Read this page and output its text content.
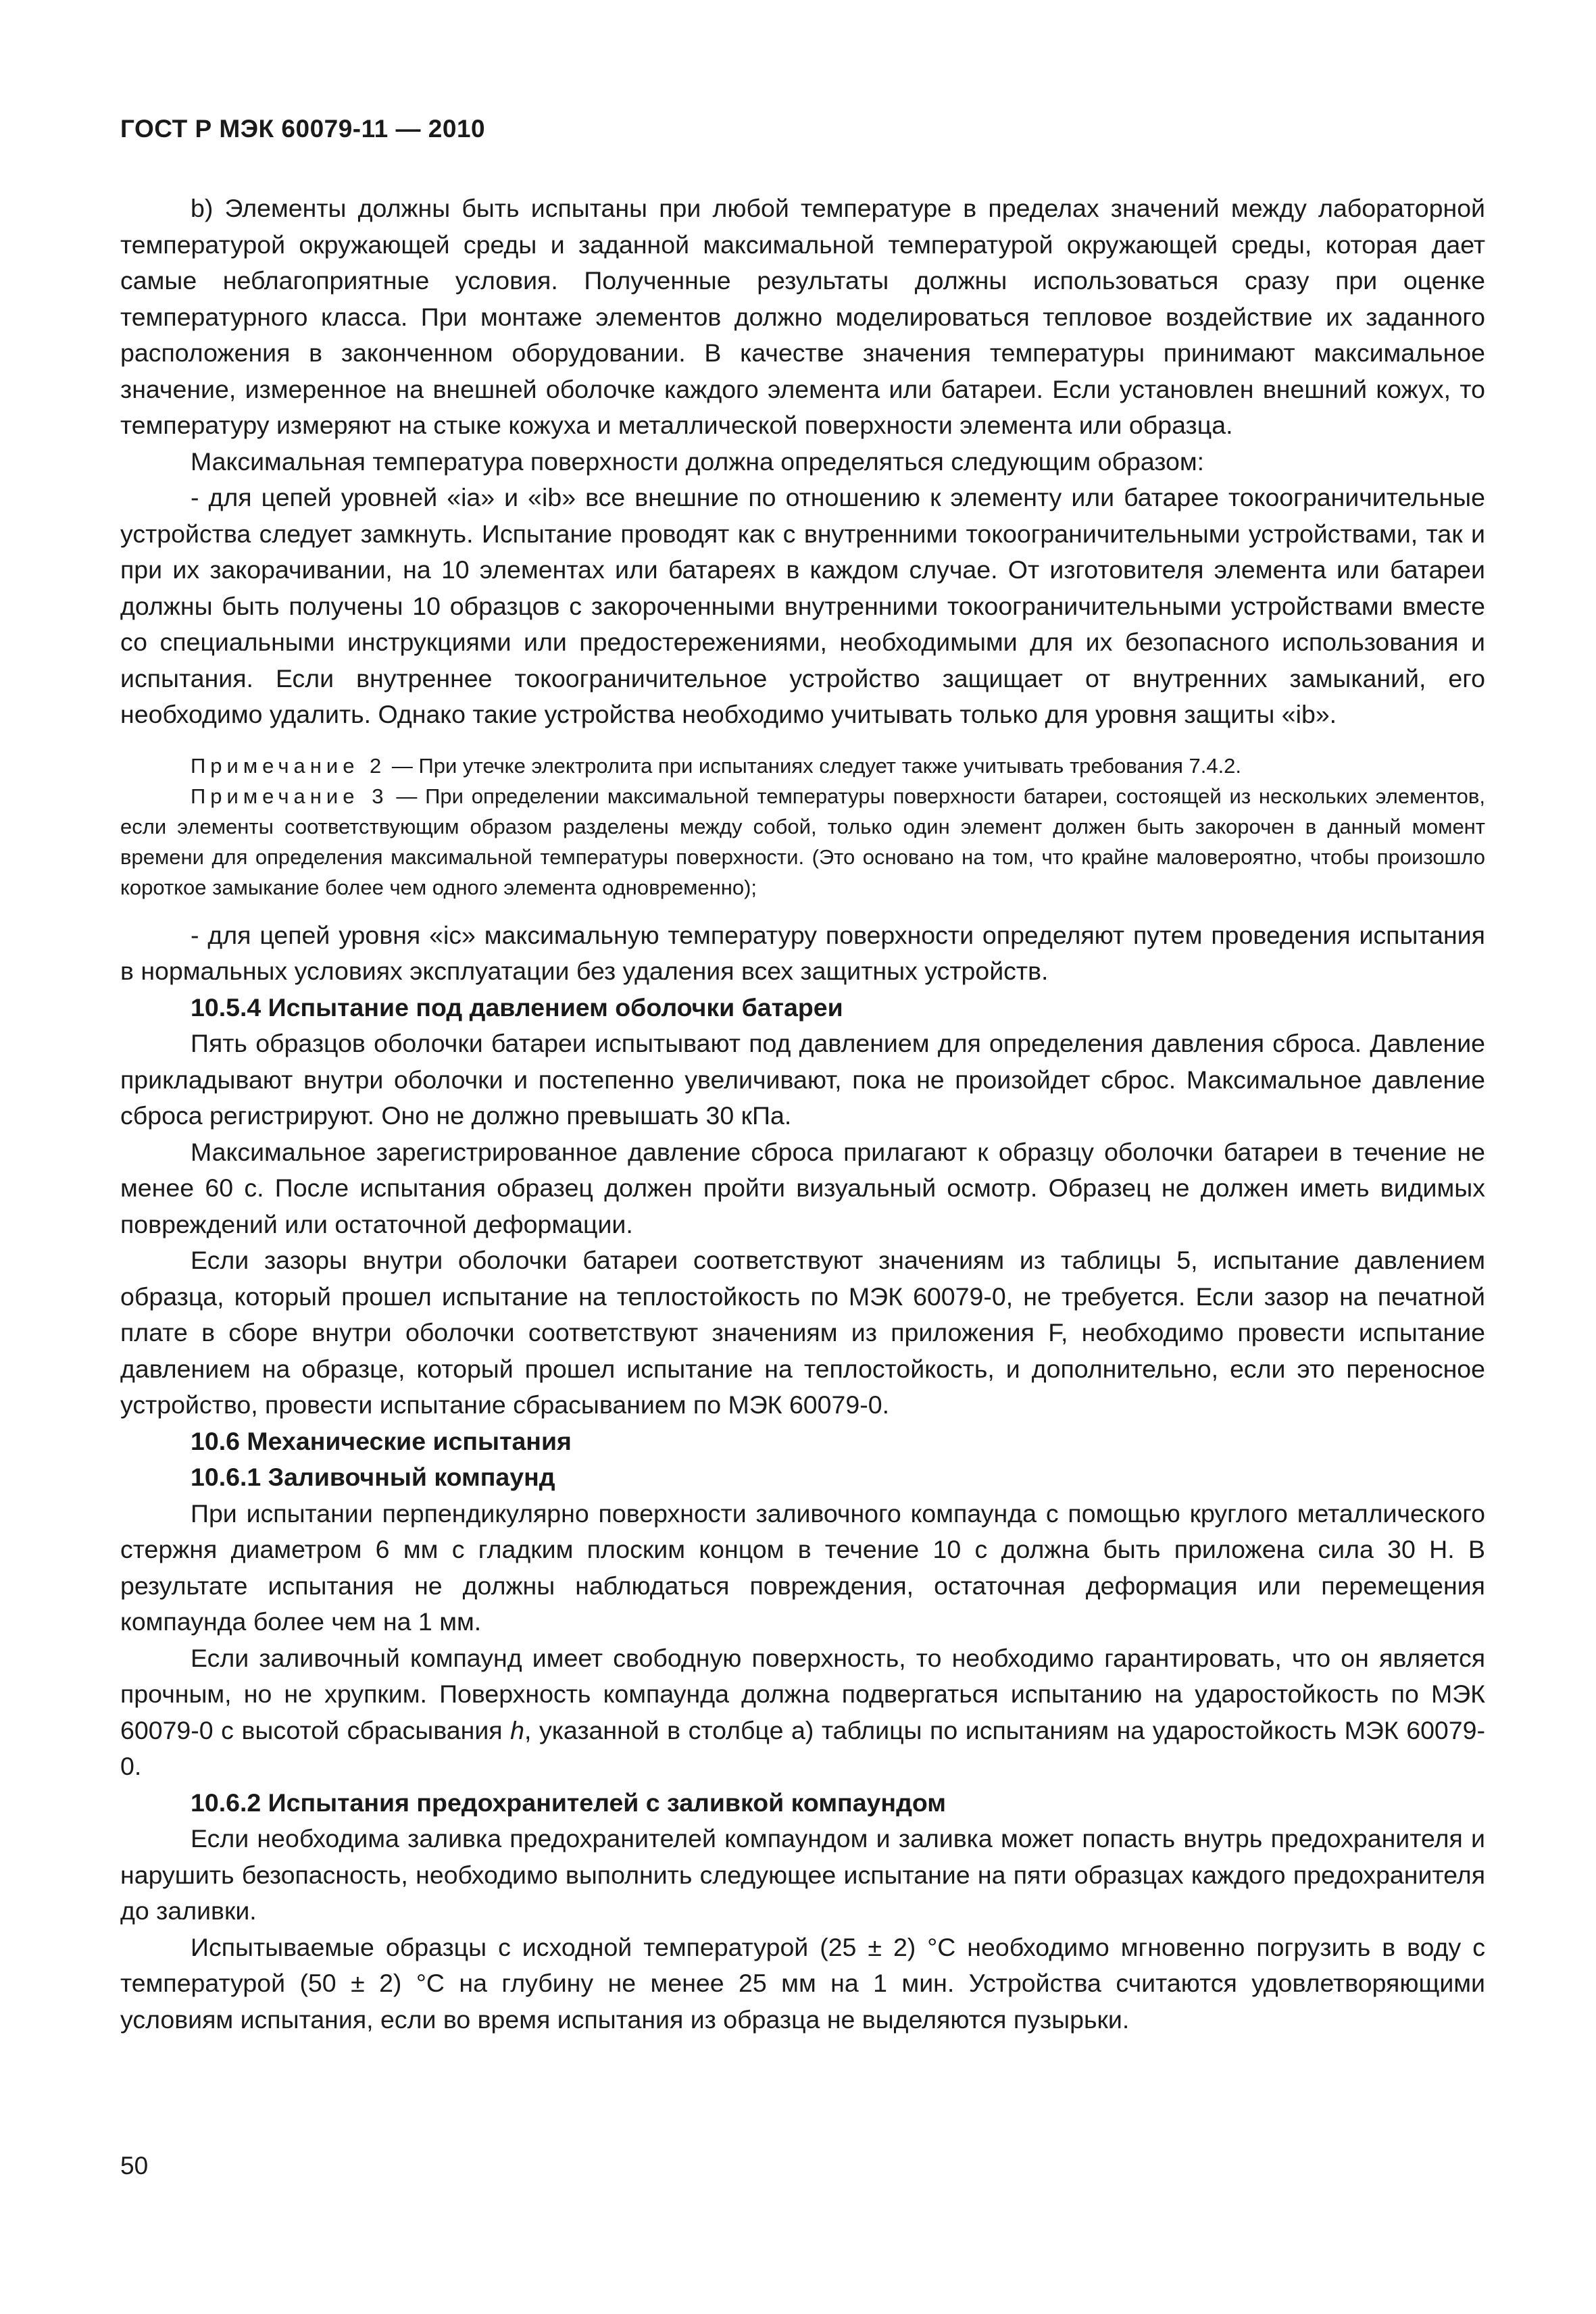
ГОСТ Р МЭК 60079-11 — 2010

b) Элементы должны быть испытаны при любой температуре в пределах значений между лабораторной температурой окружающей среды и заданной максимальной температурой окружающей среды, которая дает самые неблагоприятные условия. Полученные результаты должны использоваться сразу при оценке температурного класса. При монтаже элементов должно моделироваться тепловое воздействие их заданного расположения в законченном оборудовании. В качестве значения температуры принимают максимальное значение, измеренное на внешней оболочке каждого элемента или батареи. Если установлен внешний кожух, то температуру измеряют на стыке кожуха и металлической поверхности элемента или образца.

Максимальная температура поверхности должна определяться следующим образом:

- для цепей уровней «ia» и «ib» все внешние по отношению к элементу или батарее токоограничительные устройства следует замкнуть. Испытание проводят как с внутренними токоограничительными устройствами, так и при их закорачивании, на 10 элементах или батареях в каждом случае. От изготовителя элемента или батареи должны быть получены 10 образцов с закороченными внутренними токоограничительными устройствами вместе со специальными инструкциями или предостережениями, необходимыми для их безопасного использования и испытания. Если внутреннее токоограничительное устройство защищает от внутренних замыканий, его необходимо удалить. Однако такие устройства необходимо учитывать только для уровня защиты «ib».

Примечание 2 — При утечке электролита при испытаниях следует также учитывать требования 7.4.2.

Примечание 3 — При определении максимальной температуры поверхности батареи, состоящей из нескольких элементов, если элементы соответствующим образом разделены между собой, только один элемент должен быть закорочен в данный момент времени для определения максимальной температуры поверхности. (Это основано на том, что крайне маловероятно, чтобы произошло короткое замыкание более чем одного элемента одновременно);

- для цепей уровня «ic» максимальную температуру поверхности определяют путем проведения испытания в нормальных условиях эксплуатации без удаления всех защитных устройств.

10.5.4 Испытание под давлением оболочки батареи

Пять образцов оболочки батареи испытывают под давлением для определения давления сброса. Давление прикладывают внутри оболочки и постепенно увеличивают, пока не произойдет сброс. Максимальное давление сброса регистрируют. Оно не должно превышать 30 кПа.

Максимальное зарегистрированное давление сброса прилагают к образцу оболочки батареи в течение не менее 60 с. После испытания образец должен пройти визуальный осмотр. Образец не должен иметь видимых повреждений или остаточной деформации.

Если зазоры внутри оболочки батареи соответствуют значениям из таблицы 5, испытание давлением образца, который прошел испытание на теплостойкость по МЭК 60079-0, не требуется. Если зазор на печатной плате в сборе внутри оболочки соответствуют значениям из приложения F, необходимо провести испытание давлением на образце, который прошел испытание на теплостойкость, и дополнительно, если это переносное устройство, провести испытание сбрасыванием по МЭК 60079-0.

10.6 Механические испытания

10.6.1 Заливочный компаунд

При испытании перпендикулярно поверхности заливочного компаунда с помощью круглого металлического стержня диаметром 6 мм с гладким плоским концом в течение 10 с должна быть приложена сила 30 Н. В результате испытания не должны наблюдаться повреждения, остаточная деформация или перемещения компаунда более чем на 1 мм.

Если заливочный компаунд имеет свободную поверхность, то необходимо гарантировать, что он является прочным, но не хрупким. Поверхность компаунда должна подвергаться испытанию на ударостойкость по МЭК 60079-0 с высотой сбрасывания h, указанной в столбце а) таблицы по испытаниям на ударостойкость МЭК 60079-0.

10.6.2 Испытания предохранителей с заливкой компаундом

Если необходима заливка предохранителей компаундом и заливка может попасть внутрь предохранителя и нарушить безопасность, необходимо выполнить следующее испытание на пяти образцах каждого предохранителя до заливки.

Испытываемые образцы с исходной температурой (25 ± 2) °С необходимо мгновенно погрузить в воду с температурой (50 ± 2) °С на глубину не менее 25 мм на 1 мин. Устройства считаются удовлетворяющими условиям испытания, если во время испытания из образца не выделяются пузырьки.

50
